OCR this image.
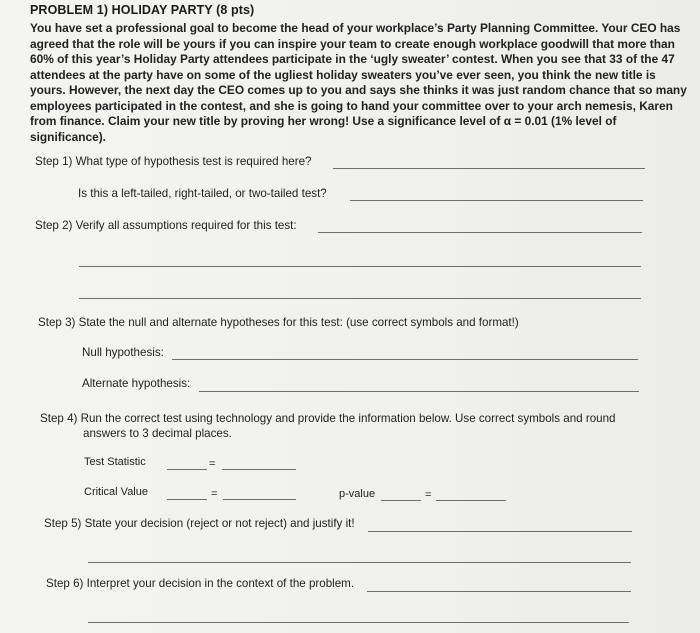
PROBLEM 1) HOLIDAY PARTY (8 pts)
You have set a professional goal to become the head of your workplace’s Party Planning Committee. Your CEO has agreed that the role will be yours if you can inspire your team to create enough workplace goodwill that more than 60% of this year’s Holiday Party attendees participate in the ‘ugly sweater’ contest. When you see that 33 of the 47 attendees at the party have on some of the ugliest holiday sweaters you’ve ever seen, you think the new title is yours. However, the next day the CEO comes up to you and says she thinks it was just random chance that so many employees participated in the contest, and she is going to hand your committee over to your arch nemesis, Karen from finance. Claim your new title by proving her wrong! Use a significance level of α = 0.01 (1% level of significance).
Step 1) What type of hypothesis test is required here?
Is this a left-tailed, right-tailed, or two-tailed test?
Step 2) Verify all assumptions required for this test:
Step 3) State the null and alternate hypotheses for this test: (use correct symbols and format!)
Null hypothesis:
Alternate hypothesis:
Step 4) Run the correct test using technology and provide the information below. Use correct symbols and round
answers to 3 decimal places.
Test Statistic	=
Critical Value	=	p-value	=
Step 5) State your decision (reject or not reject) and justify it!
Step 6) Interpret your decision in the context of the problem.
